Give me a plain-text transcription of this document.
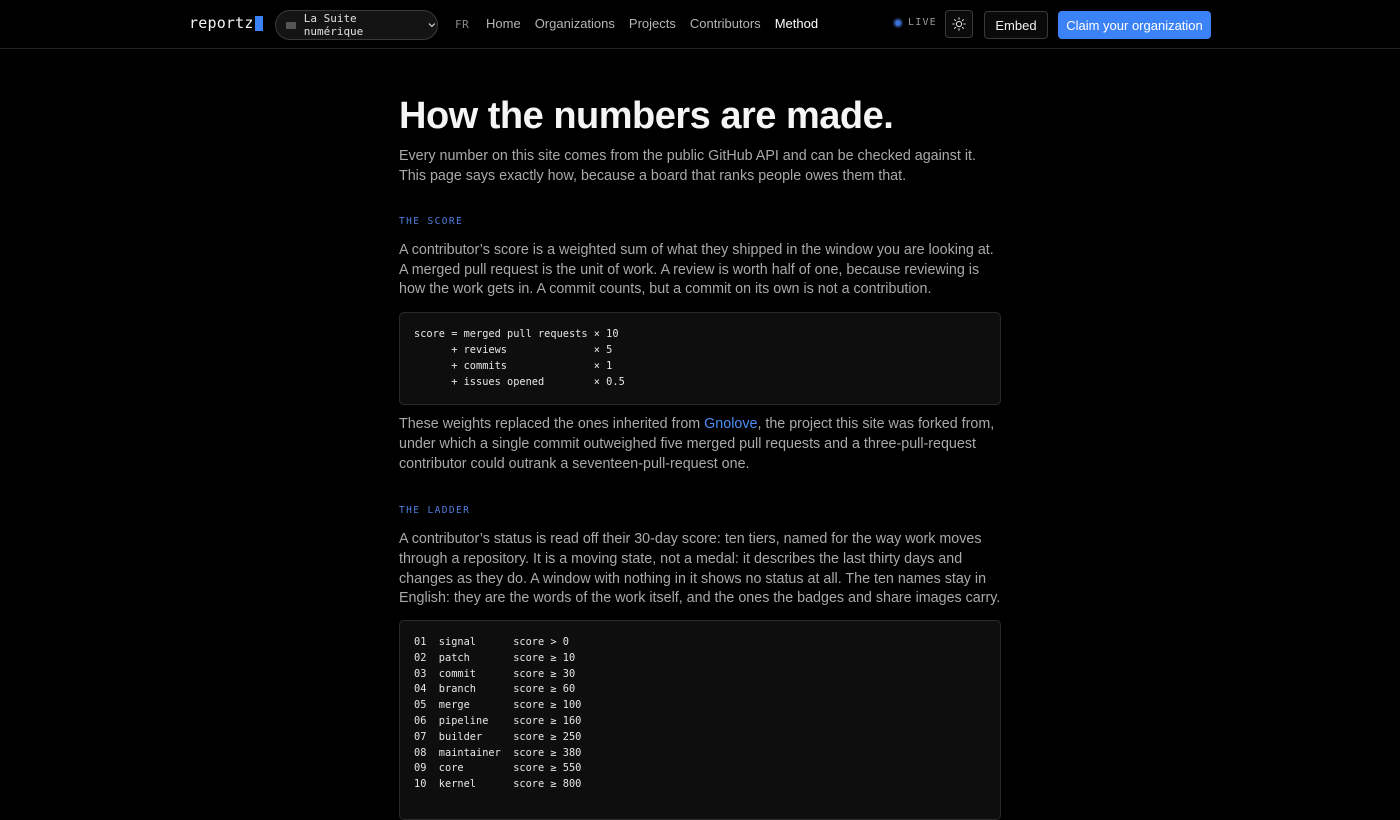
reportz	La Suite numérique
FR Home Organizations Projects Contributors Method	LIVE	Embed	Claim your organization
How the numbers are made.

Every number on this site comes from the public GitHub API and can be checked against it. This page says exactly how, because a board that ranks people owes them that.

THE SCORE

A contributor’s score is a weighted sum of what they shipped in the window you are looking at. A merged pull request is the unit of work. A review is worth half of one, because reviewing is how the work gets in. A commit counts, but a commit on its own is not a contribution.

score = merged pull requests × 10
+ reviews              × 5
+ commits              × 1
+ issues opened        × 0.5

These weights replaced the ones inherited from Gnolove, the project this site was forked from, under which a single commit outweighed five merged pull requests and a three-pull-request contributor could outrank a seventeen-pull-request one.

THE LADDER

A contributor’s status is read off their 30-day score: ten tiers, named for the way work moves through a repository. It is a moving state, not a medal: it describes the last thirty days and changes as they do. A window with nothing in it shows no status at all. The ten names stay in English: they are the words of the work itself, and the ones the badges and share images carry.

01  signal      score > 0
02  patch       score ≥ 10
03  commit      score ≥ 30
04  branch      score ≥ 60
05  merge       score ≥ 100
06  pipeline    score ≥ 160
07  builder     score ≥ 250
08  maintainer  score ≥ 380
09  core        score ≥ 550
10  kernel      score ≥ 800
